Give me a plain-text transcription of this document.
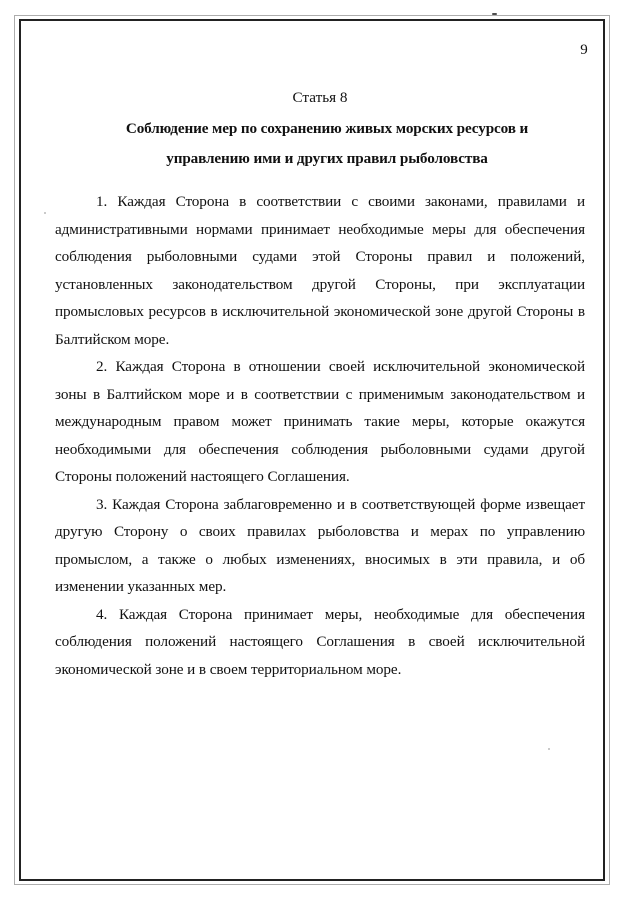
9
Статья 8
Соблюдение мер по сохранению живых морских ресурсов и управлению ими и других правил рыболовства

1. Каждая Сторона в соответствии с своими законами, правилами и административными нормами принимает необходимые меры для обеспечения соблюдения рыболовными судами этой Стороны правил и положений, установленных законодательством другой Стороны, при эксплуатации промысловых ресурсов в исключительной экономической зоне другой Стороны в Балтийском море.

2. Каждая Сторона в отношении своей исключительной экономической зоны в Балтийском море и в соответствии с применимым законодательством и международным правом может принимать такие меры, которые окажутся необходимыми для обеспечения соблюдения рыболовными судами другой Стороны положений настоящего Соглашения.

3. Каждая Сторона заблаговременно и в соответствующей форме извещает другую Сторону о своих правилах рыболовства и мерах по управлению промыслом, а также о любых изменениях, вносимых в эти правила, и об изменении указанных мер.

4. Каждая Сторона принимает меры, необходимые для обеспечения соблюдения положений настоящего Соглашения в своей исключительной экономической зоне и в своем территориальном море.
